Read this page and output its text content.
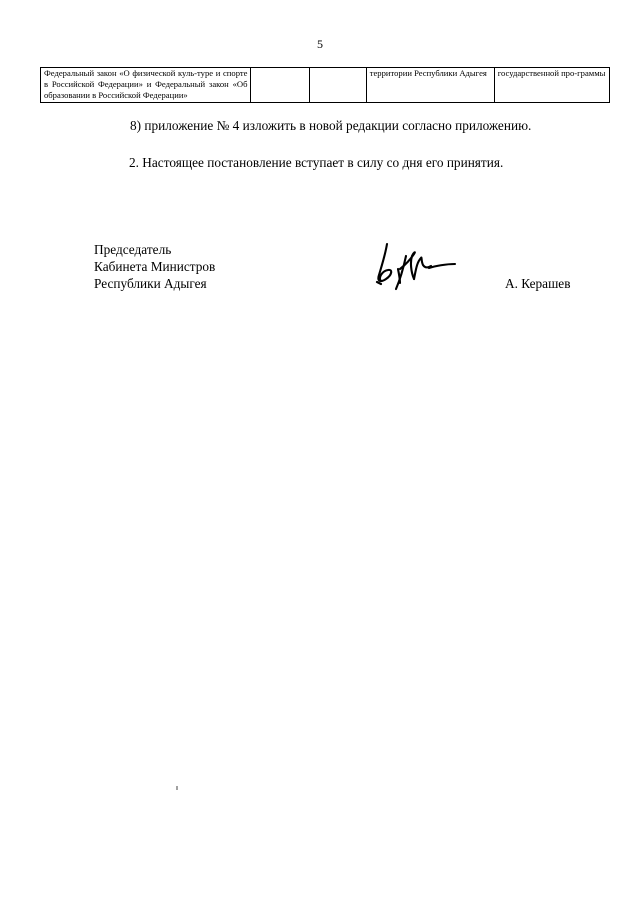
5
Федеральный закон «О физической куль-туре и спорте в Российской Федерации» и Федеральный закон «Об образовании в Российской Федерации»			территории Республики Адыгея	государственной про-граммы
8) приложение № 4 изложить в новой редакции согласно приложению.
2. Настоящее постановление вступает в силу со дня его принятия.
Председатель
Кабинета Министров
Республики Адыгея	А. Керашев
